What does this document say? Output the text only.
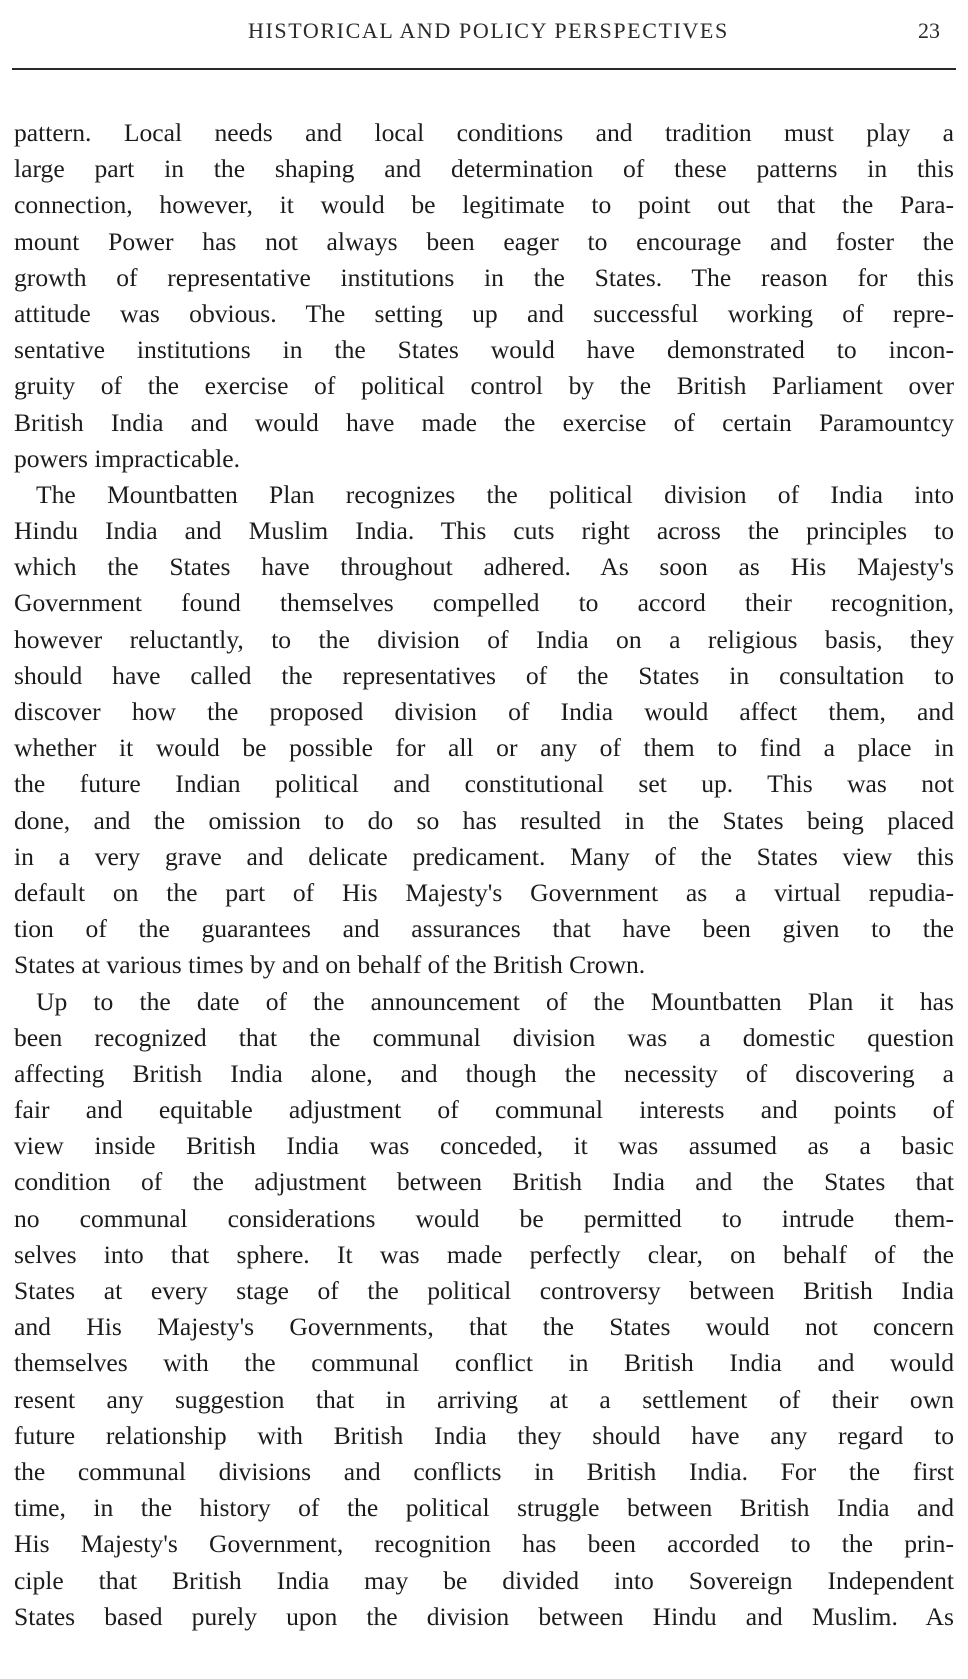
HISTORICAL AND POLICY PERSPECTIVES	23
pattern. Local needs and local conditions and tradition must play a
large part in the shaping and determination of these patterns in this
connection, however, it would be legitimate to point out that the Para-
mount Power has not always been eager to encourage and foster the
growth of representative institutions in the States. The reason for this
attitude was obvious. The setting up and successful working of repre-
sentative institutions in the States would have demonstrated to incon-
gruity of the exercise of political control by the British Parliament over
British India and would have made the exercise of certain Paramountcy
powers impracticable.
The Mountbatten Plan recognizes the political division of India into
Hindu India and Muslim India. This cuts right across the principles to
which the States have throughout adhered. As soon as His Majesty's
Government found themselves compelled to accord their recognition,
however reluctantly, to the division of India on a religious basis, they
should have called the representatives of the States in consultation to
discover how the proposed division of India would affect them, and
whether it would be possible for all or any of them to find a place in
the future Indian political and constitutional set up. This was not
done, and the omission to do so has resulted in the States being placed
in a very grave and delicate predicament. Many of the States view this
default on the part of His Majesty's Government as a virtual repudia-
tion of the guarantees and assurances that have been given to the
States at various times by and on behalf of the British Crown.
Up to the date of the announcement of the Mountbatten Plan it has
been recognized that the communal division was a domestic question
affecting British India alone, and though the necessity of discovering a
fair and equitable adjustment of communal interests and points of
view inside British India was conceded, it was assumed as a basic
condition of the adjustment between British India and the States that
no communal considerations would be permitted to intrude them-
selves into that sphere. It was made perfectly clear, on behalf of the
States at every stage of the political controversy between British India
and His Majesty's Governments, that the States would not concern
themselves with the communal conflict in British India and would
resent any suggestion that in arriving at a settlement of their own
future relationship with British India they should have any regard to
the communal divisions and conflicts in British India. For the first
time, in the history of the political struggle between British India and
His Majesty's Government, recognition has been accorded to the prin-
ciple that British India may be divided into Sovereign Independent
States based purely upon the division between Hindu and Muslim. As
